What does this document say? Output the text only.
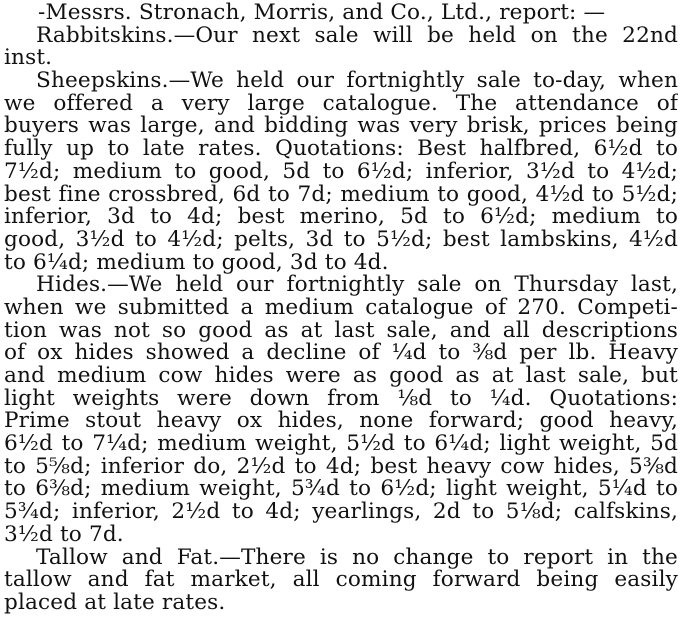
-Messrs. Stronach, Morris, and Co., Ltd., report: —
Rabbitskins.—Our next sale will be held on the 22nd
inst.
Sheepskins.—We held our fortnightly sale to-day, when
we offered a very large catalogue. The attendance of
buyers was large, and bidding was very brisk, prices being
fully up to late rates. Quotations: Best halfbred, 6½d to
7½d; medium to good, 5d to 6½d; inferior, 3½d to 4½d;
best fine crossbred, 6d to 7d; medium to good, 4½d to 5½d;
inferior, 3d to 4d; best merino, 5d to 6½d; medium to
good, 3½d to 4½d; pelts, 3d to 5½d; best lambskins, 4½d
to 6¼d; medium to good, 3d to 4d.
Hides.—We held our fortnightly sale on Thursday last,
when we submitted a medium catalogue of 270. Competi-
tion was not so good as at last sale, and all descriptions
of ox hides showed a decline of ¼d to ⅜d per lb. Heavy
and medium cow hides were as good as at last sale, but
light weights were down from ⅛d to ¼d. Quotations:
Prime stout heavy ox hides, none forward; good heavy,
6½d to 7¼d; medium weight, 5½d to 6¼d; light weight, 5d
to 5⅝d; inferior do, 2½d to 4d; best heavy cow hides, 5⅜d
to 6⅜d; medium weight, 5¾d to 6½d; light weight, 5¼d to
5¾d; inferior, 2½d to 4d; yearlings, 2d to 5⅛d; calfskins,
3½d to 7d.
Tallow and Fat.—There is no change to report in the
tallow and fat market, all coming forward being easily
placed at late rates.
